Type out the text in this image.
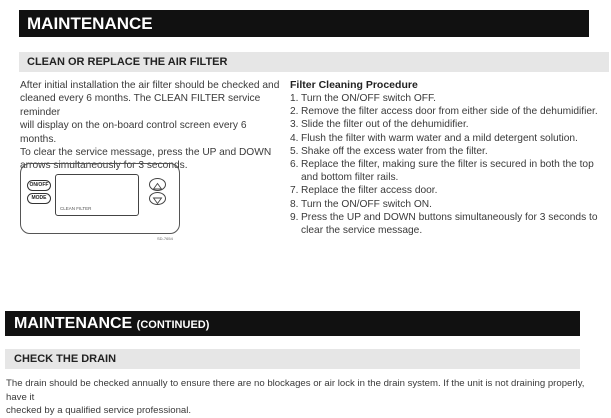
MAINTENANCE
CLEAN OR REPLACE THE AIR FILTER
After initial installation the air filter should be checked and
cleaned every 6 months. The CLEAN FILTER service reminder
will display on the on-board control screen every 6 months.
To clear the service message, press the UP and DOWN
arrows simultaneously for 3 seconds.
ON/OFF
MODE
CLEAN FILTER
SD-7654
Filter Cleaning Procedure
1. Turn the ON/OFF switch OFF.
2. Remove the filter access door from either side of the dehumidifier.
3. Slide the filter out of the dehumidifier.
4. Flush the filter with warm water and a mild detergent solution.
5. Shake off the excess water from the filter.
6. Replace the filter, making sure the filter is secured in both the top and bottom filter rails.
7. Replace the filter access door.
8. Turn the ON/OFF switch ON.
9. Press the UP and DOWN buttons simultaneously for 3 seconds to clear the service message.
MAINTENANCE (CONTINUED)
CHECK THE DRAIN
The drain should be checked annually to ensure there are no blockages or air lock in the drain system. If the unit is not draining properly, have it
checked by a qualified service professional.
